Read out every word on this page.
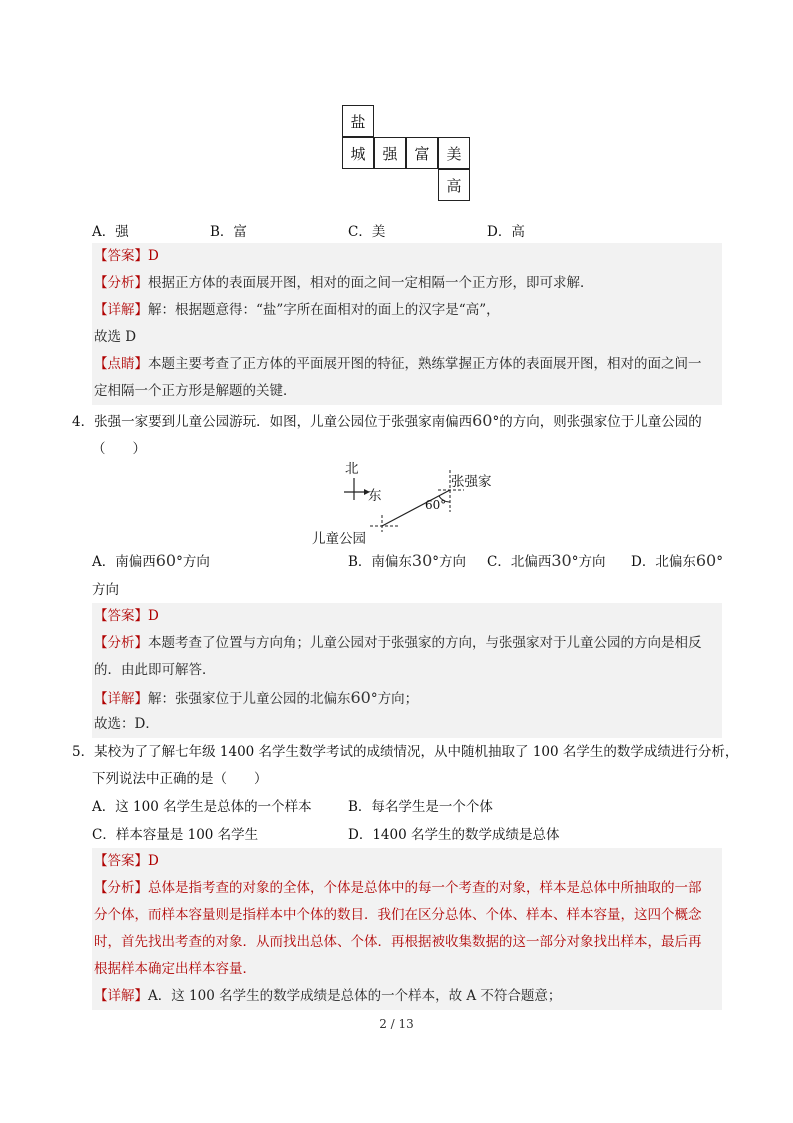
盐
城	强	富	美
高
A．强	B．富	C．美	D．高
【答案】D
【分析】根据正方体的表面展开图，相对的面之间一定相隔一个正方形，即可求解．
【详解】解：根据题意得：“盐”字所在面相对的面上的汉字是“高”，
故选 D
【点睛】本题主要考查了正方体的平面展开图的特征，熟练掌握正方体的表面展开图，相对的面之间一
定相隔一个正方形是解题的关键．
4．张强一家要到儿童公园游玩．如图，儿童公园位于张强家南偏西60°的方向，则张强家位于儿童公园的
（　　）
北
东
张强家
60°
儿童公园
A．南偏西60°方向	B．南偏东30°方向 C．北偏西30°方向 D．北偏东60°
方向
【答案】D
【分析】本题考查了位置与方向角；儿童公园对于张强家的方向，与张强家对于儿童公园的方向是相反
的．由此即可解答．
【详解】解：张强家位于儿童公园的北偏东60°方向；
故选：D．
5．某校为了了解七年级 1400 名学生数学考试的成绩情况，从中随机抽取了 100 名学生的数学成绩进行分析，
下列说法中正确的是（　　）
A．这 100 名学生是总体的一个样本	B．每名学生是一个个体
C．样本容量是 100 名学生	D．1400 名学生的数学成绩是总体
【答案】D
【分析】总体是指考查的对象的全体，个体是总体中的每一个考查的对象，样本是总体中所抽取的一部
分个体，而样本容量则是指样本中个体的数目．我们在区分总体、个体、样本、样本容量，这四个概念
时，首先找出考查的对象．从而找出总体、个体．再根据被收集数据的这一部分对象找出样本，最后再
根据样本确定出样本容量．
【详解】A．这 100 名学生的数学成绩是总体的一个样本，故 A 不符合题意；
2 / 13
